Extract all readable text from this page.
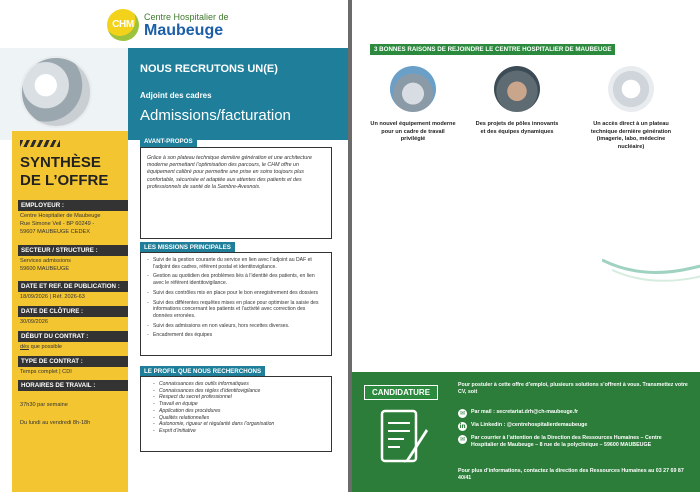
CHM
Centre Hospitalier de
Maubeuge
NOUS RECRUTONS UN(E)
Adjoint des cadres
Admissions/facturation
SYNTHÈSE DE L’OFFRE
EMPLOYEUR :
Centre Hospitalier de Maubeuge
Rue Simone Veil - BP 60249 -
59607 MAUBEUGE CEDEX
SECTEUR / STRUCTURE :
Services admissions
59600 MAUBEUGE
DATE ET REF. DE PUBLICATION :
18/09/2026 | Réf. 2026-63
DATE DE CLÔTURE :
30/09/2026
DÉBUT DU CONTRAT :
dès que possible
TYPE DE CONTRAT :
Temps complet | CDI
HORAIRES DE TRAVAIL :
37h30 par semaine
Du lundi au vendredi 8h-18h
AVANT-PROPOS

Grâce à son plateau technique dernière génération et une architecture moderne permettant l’optimisation des parcours, le CHM offre un équipement calibré pour permettre une prise en soins toujours plus confortable, sécurisée et adaptée aux attentes des patients et des professionnels de santé de la Sambre-Avesnois.

LES MISSIONS PRINCIPALES
- Suivi de la gestion courante du service en lien avec l’adjoint au DAF et l’adjoint des cadres, référent postal et identitovigilance.
- Gestion au quotidien des problèmes liés à l’identité des patients, en lien avec le référent identitovigilance.
- Suivi des contrôles mis en place pour le bon enregistrement des dossiers
- Suivi des différentes requêtes mises en place pour optimiser la saisie des informations concernant les patients et l’activité avec correction des données erronées.
- Suivi des admissions en non valeurs, hors recettes diverses.
- Encadrement des équipes
LE PROFIL QUE NOUS RECHERCHONS
- Connaissances des outils informatiques
- Connaissances des règles d’identitovigilance
- Respect du secret professionnel
- Travail en équipe
- Application des procédures
- Qualités relationnelles
- Autonomie, rigueur et régularité dans l’organisation
- Esprit d’initiative
3 BONNES RAISONS DE REJOINDRE LE CENTRE HOSPITALIER DE MAUBEUGE
Un nouvel équipement moderne pour un cadre de travail privilégié
Des projets de pôles innovants et des équipes dynamiques
Un accès direct à un plateau technique dernière génération (imagerie, labo, médecine nucléaire)
CANDIDATURE
Pour postuler à cette offre d’emploi, plusieurs solutions s’offrent à vous. Transmettez votre CV, soit
✉	Par mail : secretariat.drh@ch-maubeuge.fr
in Via Linkedin : @centrehospitalierdemaubeuge
✉	Par courrier à l’attention de la Direction des Ressources Humaines – Centre Hospitalier de Maubeuge – 8 rue de la polyclinique – 59600 MAUBEUGE
Pour plus d’informations, contactez la direction des Ressources Humaines au 03 27 69 87 40/41
